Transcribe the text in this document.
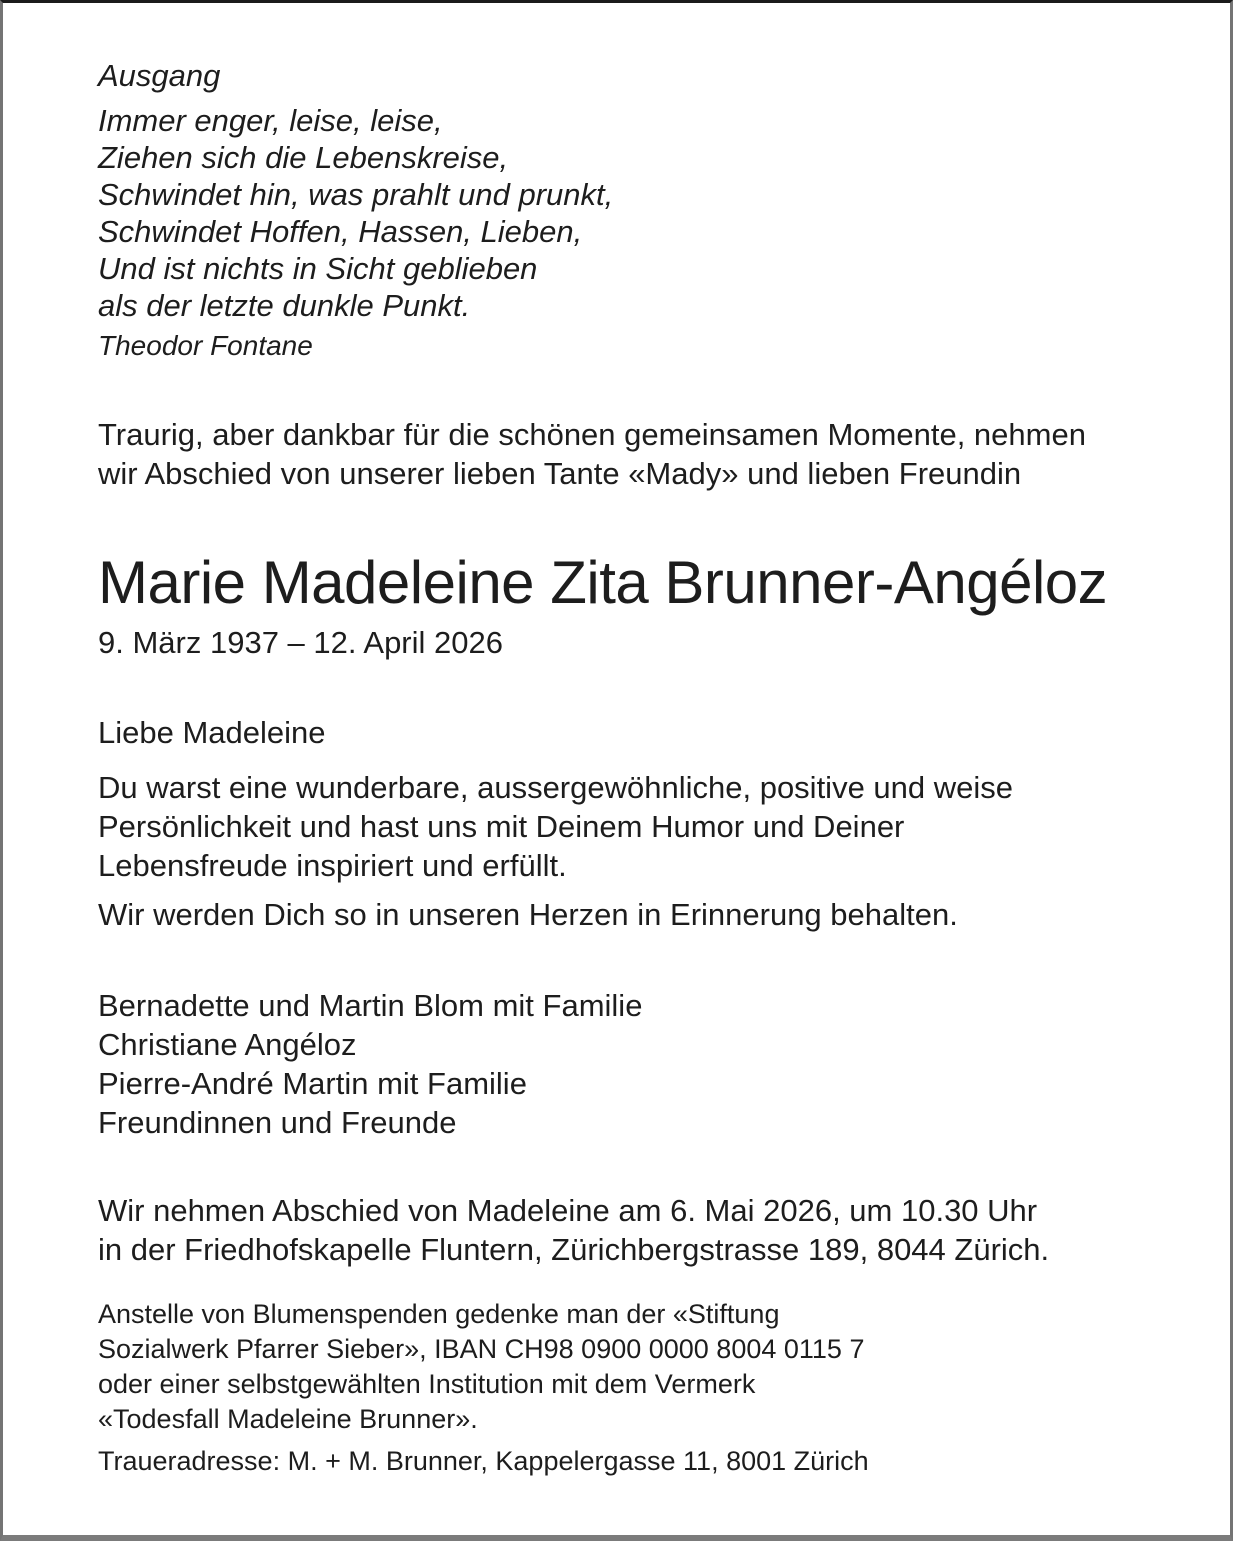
Ausgang
Immer enger, leise, leise,
Ziehen sich die Lebenskreise,
Schwindet hin, was prahlt und prunkt,
Schwindet Hoffen, Hassen, Lieben,
Und ist nichts in Sicht geblieben
als der letzte dunkle Punkt.
Theodor Fontane
Traurig, aber dankbar für die schönen gemeinsamen Momente, nehmen
wir Abschied von unserer lieben Tante «Mady» und lieben Freundin
Marie Madeleine Zita Brunner-Angéloz
9. März 1937 – 12. April 2026
Liebe Madeleine
Du warst eine wunderbare, aussergewöhnliche, positive und weise
Persönlichkeit und hast uns mit Deinem Humor und Deiner
Lebensfreude inspiriert und erfüllt.
Wir werden Dich so in unseren Herzen in Erinnerung behalten.
Bernadette und Martin Blom mit Familie
Christiane Angéloz
Pierre-André Martin mit Familie
Freundinnen und Freunde
Wir nehmen Abschied von Madeleine am 6. Mai 2026, um 10.30 Uhr
in der Friedhofskapelle Fluntern, Zürichbergstrasse 189, 8044 Zürich.
Anstelle von Blumenspenden gedenke man der «Stiftung
Sozialwerk Pfarrer Sieber», IBAN CH98 0900 0000 8004 0115 7
oder einer selbstgewählten Institution mit dem Vermerk
«Todesfall Madeleine Brunner».
Traueradresse: M. + M. Brunner, Kappelergasse 11, 8001 Zürich
